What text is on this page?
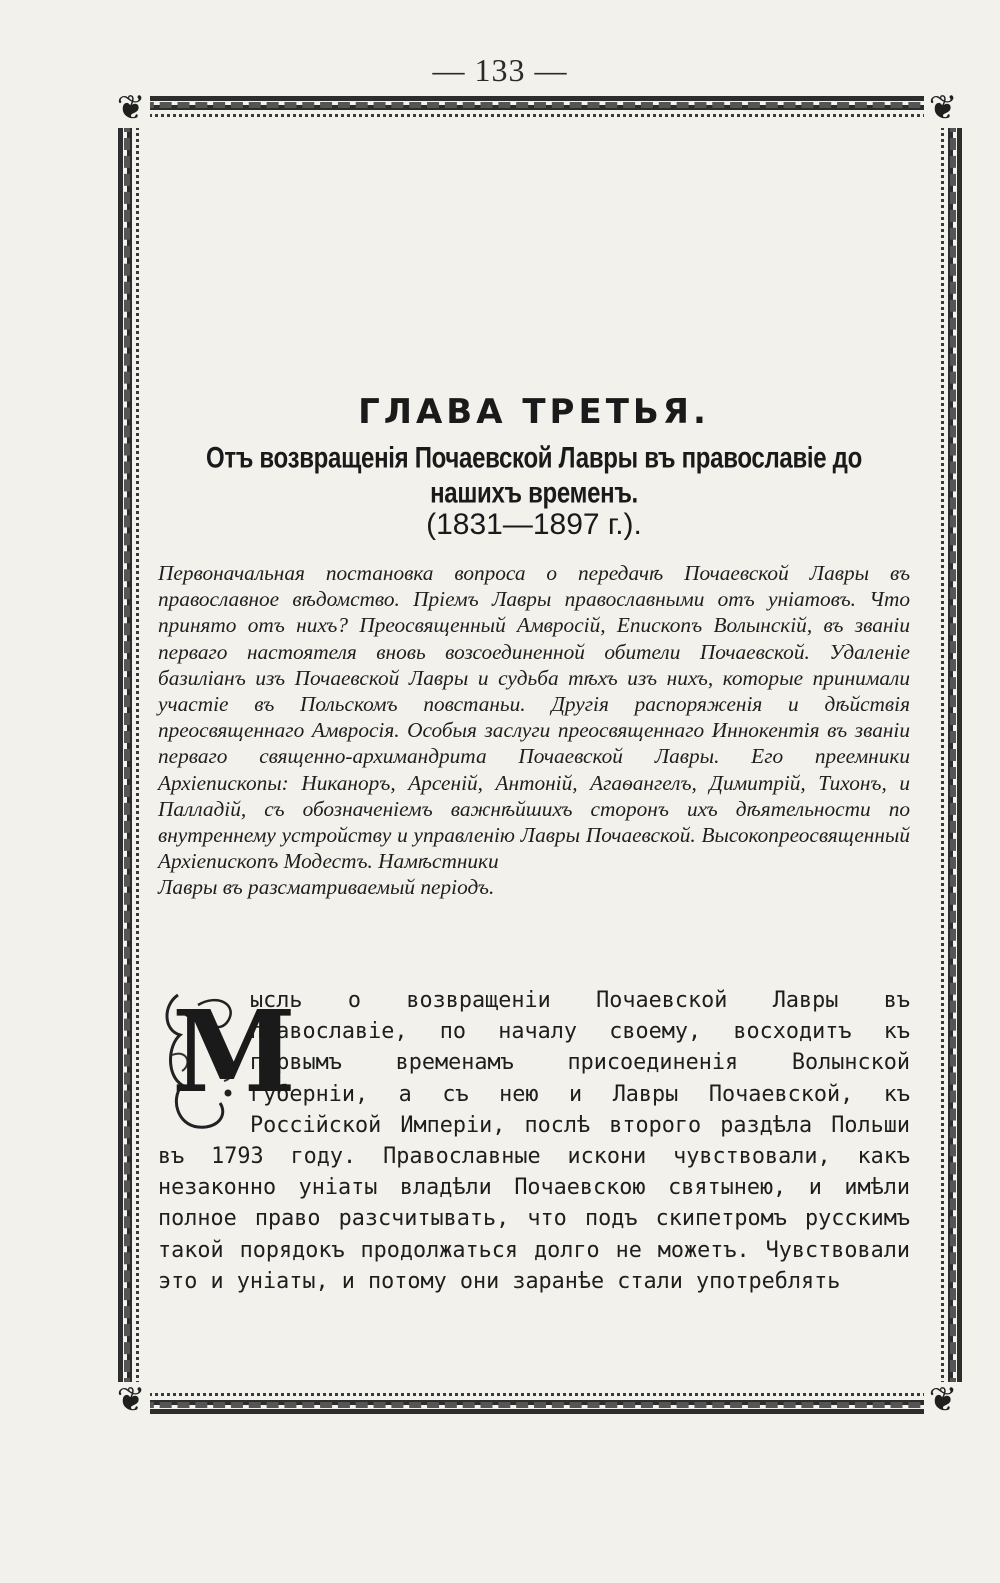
— 133 —
❦	❦
❦	❦
ГЛАВА ТРЕТЬЯ.
Отъ возвращенія Почаевской Лавры въ православіе до нашихъ временъ.
(1831—1897 г.).
Первоначальная постановка вопроса о передачѣ Почаевской Лавры въ православное вѣдомство. Пріемъ Лавры православными отъ уніатовъ. Что принято отъ нихъ? Преосвященный Амвросій, Епископъ Волынскій, въ званіи перваго настоятеля вновь возсоединенной обители Почаевской. Удаленіе базиліанъ изъ Почаевской Лавры и судьба тѣхъ изъ нихъ, которые принимали участіе въ Польскомъ повстаньи. Другія распоряженія и дѣйствія преосвященнаго Амвросія. Особыя заслуги преосвященнаго Иннокентія въ званіи перваго священно-архимандрита Почаевской Лавры. Его преемники Архіепископы: Никаноръ, Арсеній, Антоній, Агаѳангелъ, Димитрій, Тихонъ, и Палладій, съ обозначеніемъ важнѣйшихъ сторонъ ихъ дѣятельности по внутреннему устройству и управленію Лавры Почаевской. Высокопреосвященный Архіепископъ Модестъ. Намѣстники
Лавры въ разсматриваемый періодъ.
М
ысль о возвращеніи Почаевской Лавры въ православіе, по началу своему, восходитъ къ первымъ временамъ присоединенія Волынской губерніи, а съ нею и Лавры Почаевской, къ Россійской Имперіи, послѣ второго раздѣла Польши въ 1793 году. Православные искони чувствовали, какъ незаконно уніаты владѣли Почаевскою святынею, и имѣли полное право разсчитывать, что подъ скипетромъ русскимъ такой порядокъ продолжаться долго не можетъ. Чувствовали это и уніаты, и потому они заранѣе стали употреблять
